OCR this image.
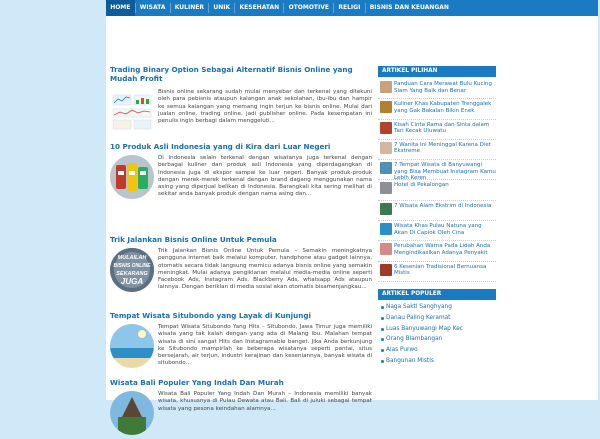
HOME	WISATA	KULINER	UNIK	KESEHATAN	OTOMOTIVE	RELIGI	BISNIS DAN KEUANGAN
Trading Binary Option Sebagai Alternatif Bisnis Online yang Mudah Profit
Bisnis online sekarang sudah mulai menyebar dan terkenal yang ditekuni oleh para pebisnis ataupun kalangan anak sekolahan, ibu-ibu dan hampir ke semua kalangan yang memang ingin terjun ke bisnis online. Mulai dari jualan online, trading online, jadi publisher online. Pada kesempatan ini penulis ingin berbagi dalam menggeluti...
10 Produk Asli Indonesia yang di Kira dari Luar Negeri
Di Indonesia selain terkenal dengan wisatanya juga terkenal dengan berbagai kuliner dan produk asli Indonesia yang diperdagangkan di Indonesia juga di ekspor sampai ke luar negeri. Banyak produk-produk dengan merek-merek terkenal dengan brand dagang menggunakan nama asing yang diperjual belikan di Indonesia. Barangkali kita sering melihat di sekitar anda banyak produk dengan nama asing dan...
Trik Jalankan Bisnis Online Untuk Pemula
MULAILAH
BISNIS ONLINE
SEKARANG
JUGA
Trik Jalankan Bisnis Online Untuk Pemula – Semakin meningkatnya pengguna internet baik melalui komputer, handphone atau gadget lainnya, otomatis secara tidak langsung memicu adanya bisnis online yang semakin meningkat. Mulai adanya pengiklanan melalui media-media online seperti Facebook Ads, Instagram Ads, Blackberry Ads, whatsapp Ads ataupun lainnya. Dengan beriklan di media sosial akan otomatis bisamenjangkau...
Tempat Wisata Situbondo yang Layak di Kunjungi
Tempat Wisata Situbondo Yang Hits – Situbondo, Jawa Timur juga memiliki wisata yang tak kalah dengan yang ada di Malang ibu. Malahan tempat wisata di sini sangat Hits dan Instagramable banget. Jika Anda berkunjung ke Situbondo mampirlah ke beberapa wisatanya seperti pantai, situs bersejarah, air terjun, industri kerajinan dan keseniannya, banyak wisata di situbondo...
Wisata Bali Populer Yang Indah Dan Murah
Wisata Bali Populer Yang Indah Dan Murah – Indonesia memiliki banyak wisata, khususnya di Pulau Dewata atau Bali. Bali di juluki sebagai tempat wisata yang pesona keindahan alamnya...
ARTIKEL PILIHAN
Panduan Cara Merawat Bulu Kucing Siam Yang Baik dan Benar
Kuliner Khas Kabupaten Trenggalek yang Gak Bakalan Bikin Enek
Kisah Cinta Rama dan Sinta dalam Tari Kecak Uluwatu
7 Wanita Ini Meninggal Karena Diet Ekstreme
7 Tempat Wisata di Banyuwangi yang Bisa Membuat Instagram Kamu Lebih Keren
Hotel di Pekalongan
7 Wisata Alam Ekstrim di Indonesia
Wisata Khas Pulau Natuna yang Akan Di Caplok Oleh Cina
Perubahan Warna Pada Lidah Anda Mengindikasikan Adanya Penyakit
6 Kesenian Tradisional Bernuansa Mistis
ARTIKEL POPULER
Naga Sakti Sanghyang
Danau Paling Keramat
Luas Banyuwangi Map Kec
Orang Blambangan
Alas Purwo
Bangunan Mistis
